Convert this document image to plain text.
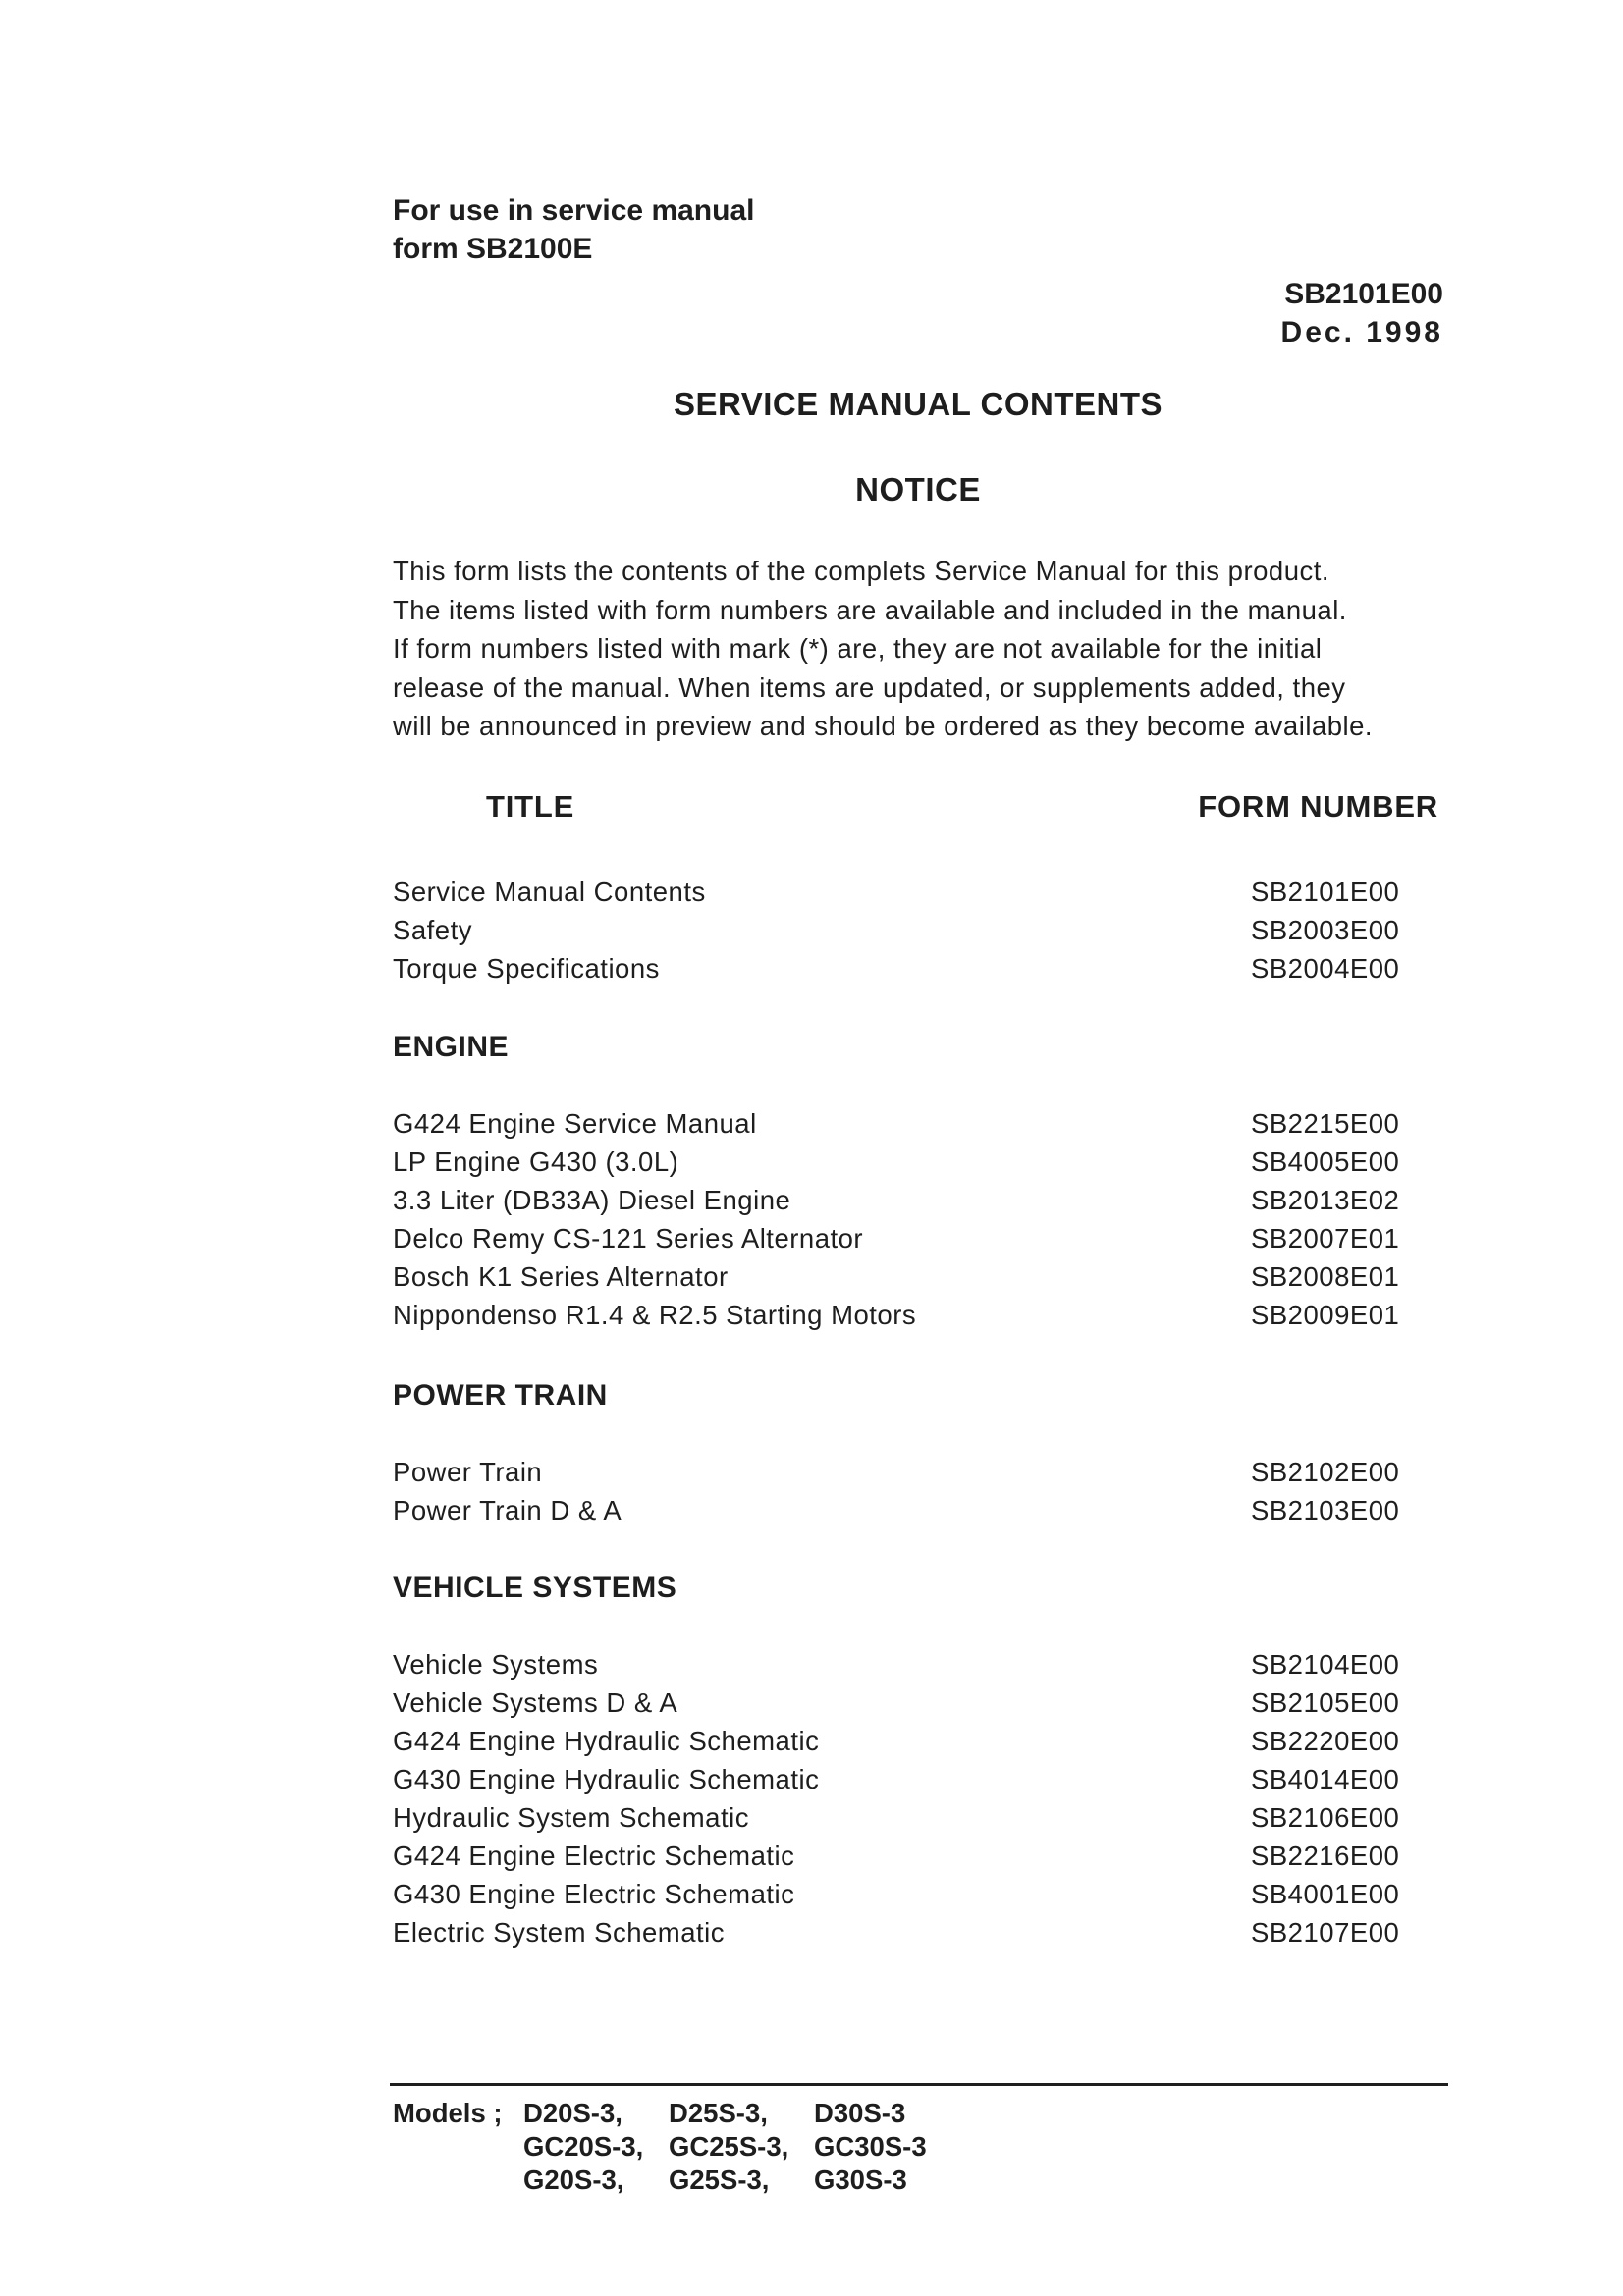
For use in service manual
form SB2100E
SB2101E00
Dec. 1998
SERVICE MANUAL CONTENTS
NOTICE
This form lists the contents of the complets Service Manual for this product.
The items listed with form numbers are available and included in the manual.
If form numbers listed with mark (*) are, they are not available for the initial
release of the manual. When items are updated, or supplements added, they
will be announced in preview and should be ordered as they become available.
TITLE	FORM NUMBER
Service Manual Contents	SB2101E00
Safety	SB2003E00
Torque Specifications	SB2004E00
ENGINE
G424 Engine Service Manual	SB2215E00
LP Engine G430 (3.0L)	SB4005E00
3.3 Liter (DB33A) Diesel Engine	SB2013E02
Delco Remy CS-121 Series Alternator	SB2007E01
Bosch K1 Series Alternator	SB2008E01
Nippondenso R1.4 & R2.5 Starting Motors	SB2009E01
POWER TRAIN
Power Train	SB2102E00
Power Train D & A	SB2103E00
VEHICLE SYSTEMS
Vehicle Systems	SB2104E00
Vehicle Systems D & A	SB2105E00
G424 Engine Hydraulic Schematic	SB2220E00
G430 Engine Hydraulic Schematic	SB4014E00
Hydraulic System Schematic	SB2106E00
G424 Engine Electric Schematic	SB2216E00
G430 Engine Electric Schematic	SB4001E00
Electric System Schematic	SB2107E00
Models ; D20S-3, D25S-3, D30S-3
GC20S-3, GC25S-3, GC30S-3
G20S-3, G25S-3, G30S-3
